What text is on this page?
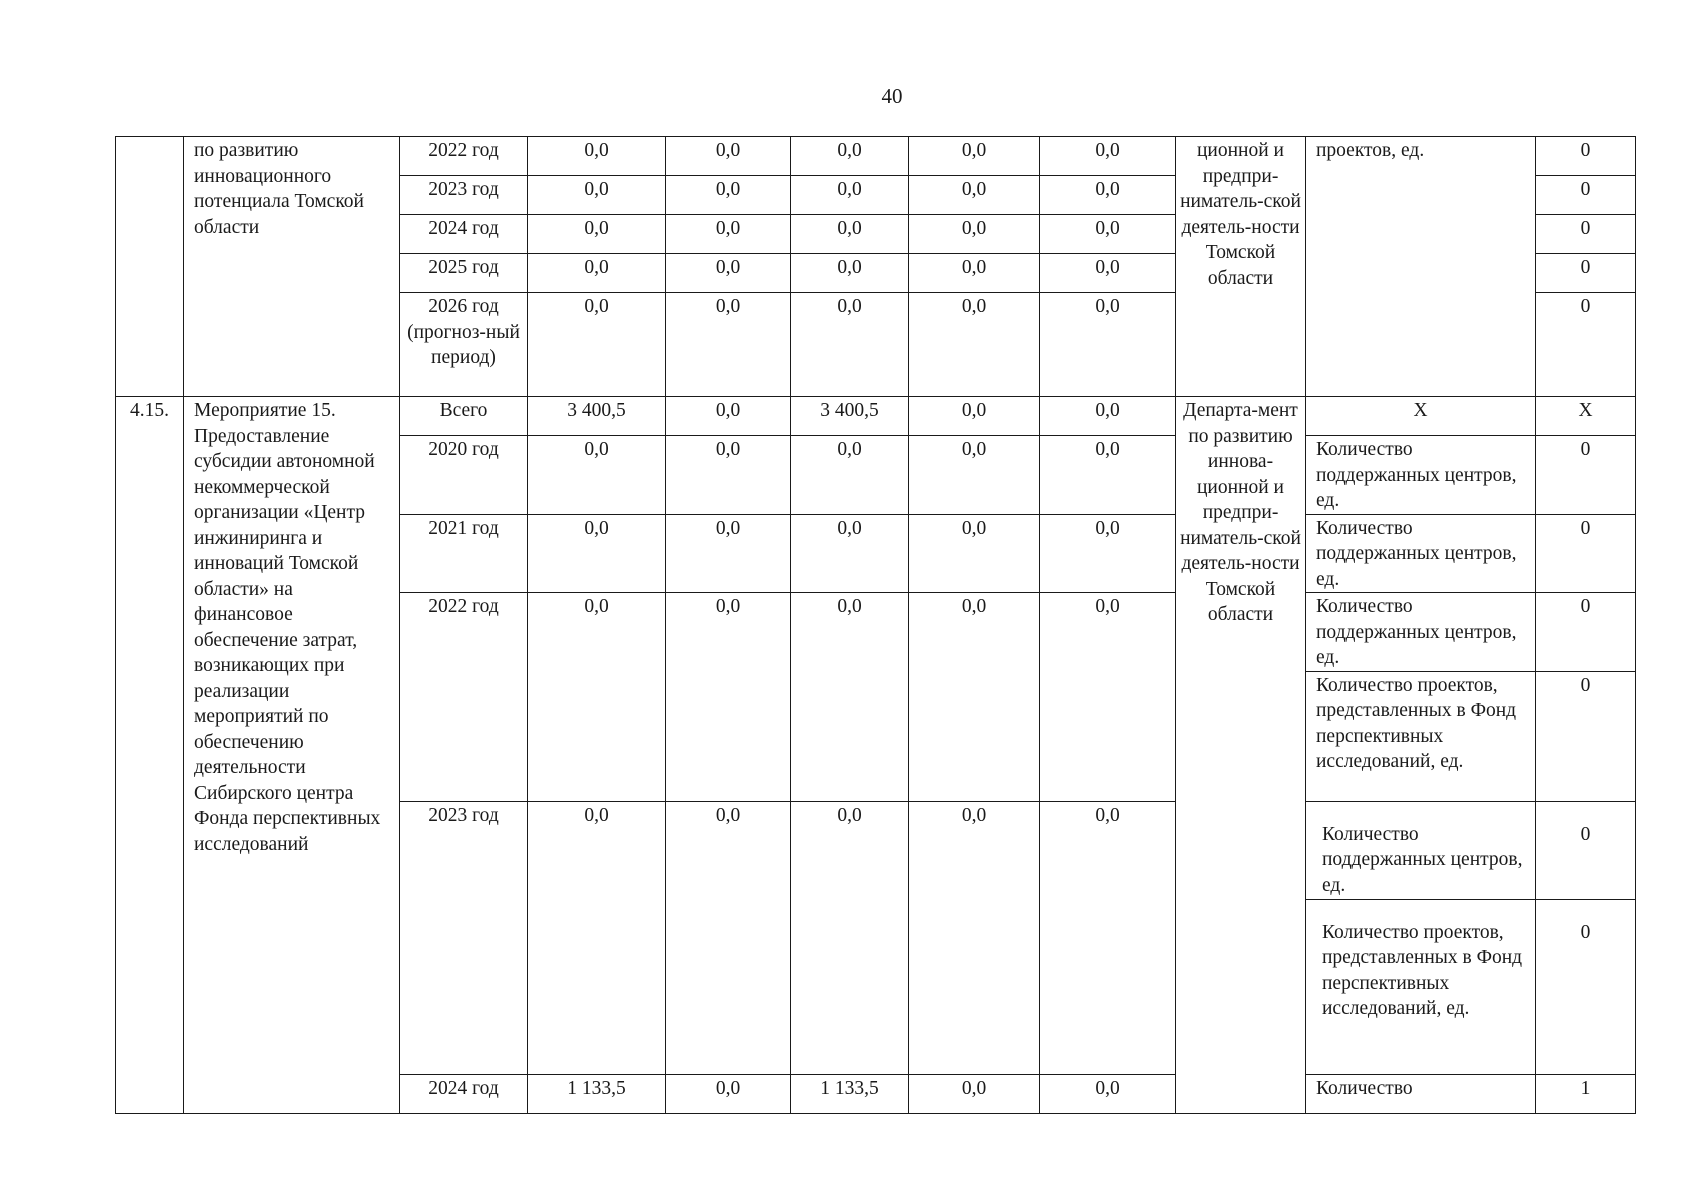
40
	по развитию инновационного потенциала Томской области	2022 год	0,0	0,0	0,0	0,0	0,0	ционной и предпри-ниматель-ской деятель-ности Томской области	проектов, ед.	0
		2023 год	0,0	0,0	0,0	0,0	0,0			0
		2024 год	0,0	0,0	0,0	0,0	0,0			0
		2025 год	0,0	0,0	0,0	0,0	0,0			0
		2026 год (прогноз-ный период)	0,0	0,0	0,0	0,0	0,0			0
4.15.	Мероприятие 15. Предоставление субсидии автономной некоммерческой организации «Центр инжиниринга и инноваций Томской области» на финансовое обеспечение затрат, возникающих при реализации мероприятий по обеспечению деятельности Сибирского центра Фонда перспективных исследований	Всего	3 400,5	0,0	3 400,5	0,0	0,0	Департа-мент по развитию иннова-ционной и предпри-ниматель-ской деятель-ности Томской области	Х	Х
		2020 год	0,0	0,0	0,0	0,0	0,0		Количество поддержанных центров, ед.	0
		2021 год	0,0	0,0	0,0	0,0	0,0		Количество поддержанных центров, ед.	0
		2022 год	0,0	0,0	0,0	0,0	0,0		Количество поддержанных центров, ед.	0
									Количество проектов, представленных в Фонд перспективных исследований, ед.	0
		2023 год	0,0	0,0	0,0	0,0	0,0		Количество поддержанных центров, ед.	0
									Количество проектов, представленных в Фонд перспективных исследований, ед.	0
		2024 год	1 133,5	0,0	1 133,5	0,0	0,0		Количество	1
